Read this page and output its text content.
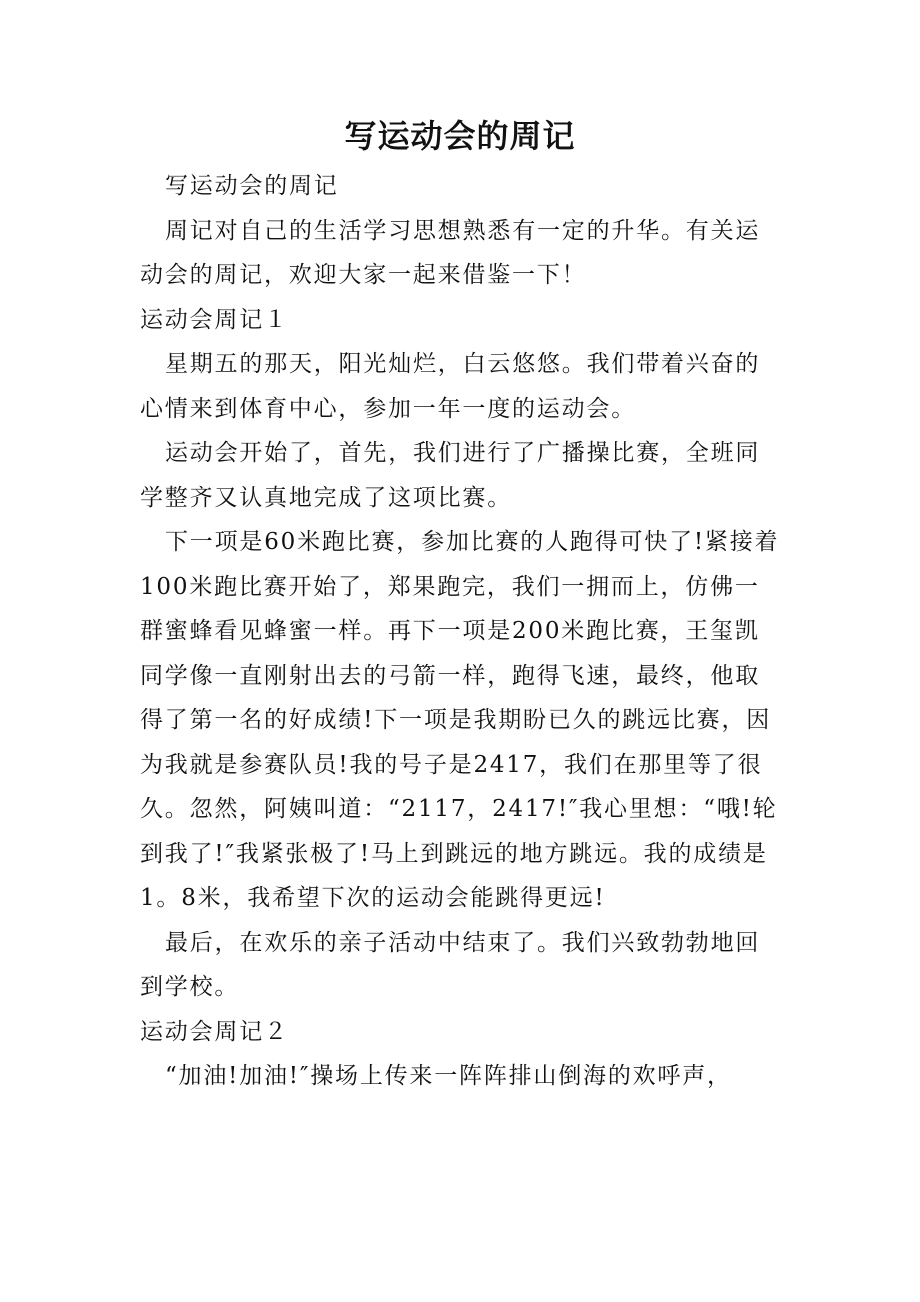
写运动会的周记

写运动会的周记

周记对自己的生活学习思想熟悉有一定的升华。有关运动会的周记，欢迎大家一起来借鉴一下！

运动会周记１

星期五的那天，阳光灿烂，白云悠悠。我们带着兴奋的心情来到体育中心，参加一年一度的运动会。

运动会开始了，首先，我们进行了广播操比赛，全班同学整齐又认真地完成了这项比赛。

下一项是60米跑比赛，参加比赛的人跑得可快了!紧接着100米跑比赛开始了，郑果跑完，我们一拥而上，仿佛一群蜜蜂看见蜂蜜一样。再下一项是200米跑比赛，王玺凯同学像一直刚射出去的弓箭一样，跑得飞速，最终，他取得了第一名的好成绩!下一项是我期盼已久的跳远比赛，因为我就是参赛队员!我的号子是2417，我们在那里等了很久。忽然，阿姨叫道：“2117，2417!″我心里想：“哦!轮到我了!″我紧张极了!马上到跳远的地方跳远。我的成绩是1。8米，我希望下次的运动会能跳得更远!

最后，在欢乐的亲子活动中结束了。我们兴致勃勃地回到学校。

运动会周记２

“加油!加油!″操场上传来一阵阵排山倒海的欢呼声，
